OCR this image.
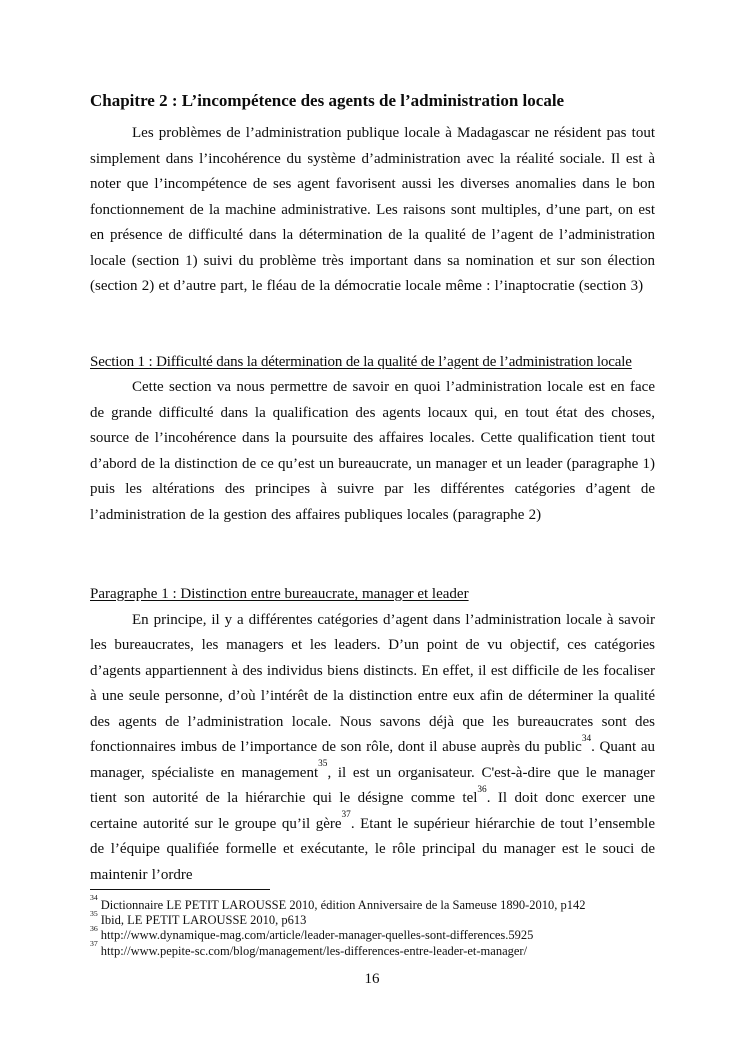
Chapitre 2 : L’incompétence des agents de l’administration locale

Les problèmes de l’administration publique locale à Madagascar ne résident pas tout simplement dans l’incohérence du système d’administration avec la réalité sociale. Il est à noter que l’incompétence de ses agent favorisent aussi les diverses anomalies dans le bon fonctionnement de la machine administrative. Les raisons sont multiples, d’une part, on est en présence de difficulté dans la détermination de la qualité de l’agent de l’administration locale (section 1) suivi du problème très important dans sa nomination et sur son élection (section 2) et d’autre part, le fléau de la démocratie locale même : l’inaptocratie (section 3)

Section 1 : Difficulté dans la détermination de la qualité de l’agent de l’administration locale

Cette section va nous permettre de savoir en quoi l’administration locale est en face de grande difficulté dans la qualification des agents locaux qui, en tout état des choses, source de l’incohérence dans la poursuite des affaires locales. Cette qualification tient tout d’abord de la distinction de ce qu’est un bureaucrate, un manager et un leader (paragraphe 1) puis les altérations des principes à suivre par les différentes catégories d’agent de l’administration de la gestion des affaires publiques locales (paragraphe 2)

Paragraphe 1 : Distinction entre bureaucrate, manager et leader

En principe, il y a différentes catégories d’agent dans l’administration locale à savoir les bureaucrates, les managers et les leaders. D’un point de vu objectif, ces catégories d’agents appartiennent à des individus biens distincts. En effet, il est difficile de les focaliser à une seule personne, d’où l’intérêt de la distinction entre eux afin de déterminer la qualité des agents de l’administration locale. Nous savons déjà que les bureaucrates sont des fonctionnaires imbus de l’importance de son rôle, dont il abuse auprès du public$^{34}$. Quant au manager, spécialiste en management$^{35}$, il est un organisateur. C'est-à-dire que le manager tient son autorité de la hiérarchie qui le désigne comme tel$^{36}$. Il doit donc exercer une certaine autorité sur le groupe qu’il gère$^{37}$. Etant le supérieur hiérarchie de tout l’ensemble de l’équipe qualifiée formelle et exécutante, le rôle principal du manager est le souci de maintenir l’ordre

$^{34}$Dictionnaire LE PETIT LAROUSSE 2010, édition Anniversaire de la Sameuse 1890-2010, p142
$^{35}$Ibid, LE PETIT LAROUSSE 2010, p613
$^{36}$http://www.dynamique-mag.com/article/leader-manager-quelles-sont-differences.5925
$^{37}$http://www.pepite-sc.com/blog/management/les-differences-entre-leader-et-manager/
16
